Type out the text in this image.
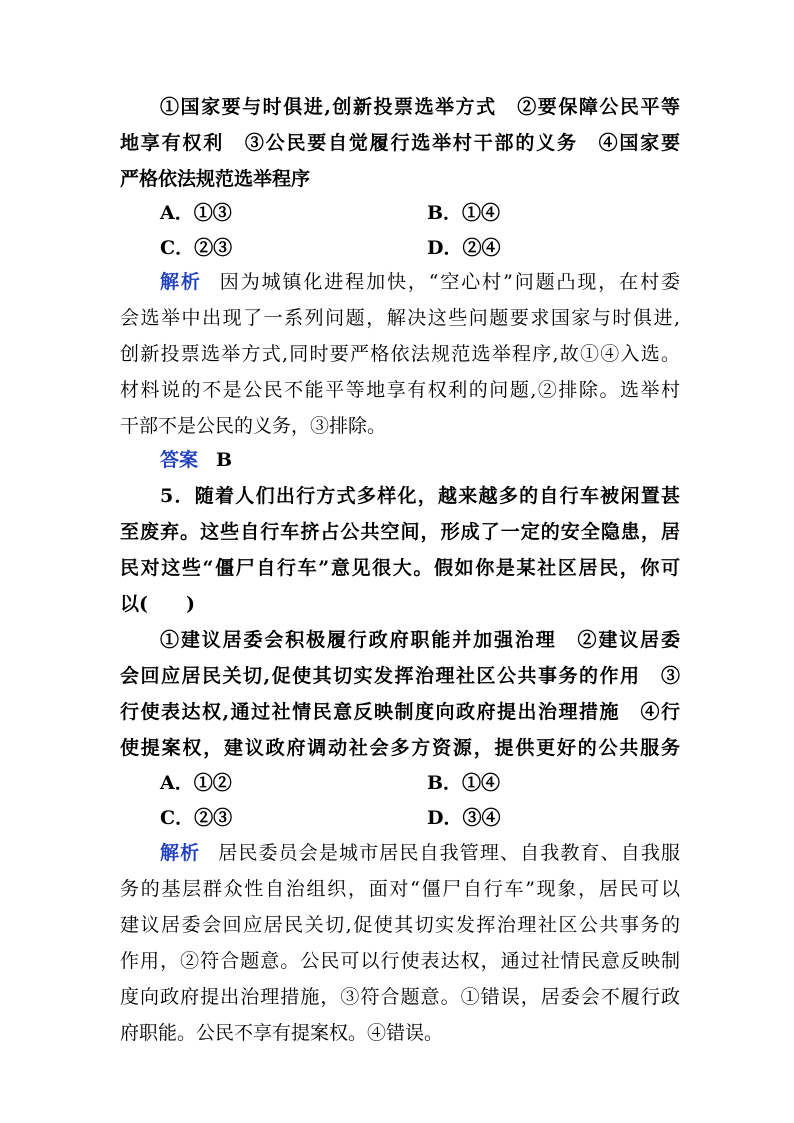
①国家要与时俱进,创新投票选举方式　②要保障公民平等
地享有权利　③公民要自觉履行选举村干部的义务　④国家要
严格依法规范选举程序
A．①③	B．①④
C．②③	D．②④
解析 因为城镇化进程加快，“空心村”问题凸现，在村委
会选举中出现了一系列问题，解决这些问题要求国家与时俱进,
创新投票选举方式,同时要严格依法规范选举程序,故①④入选。
材料说的不是公民不能平等地享有权利的问题,②排除。选举村
干部不是公民的义务，③排除。
答案 B
5．随着人们出行方式多样化，越来越多的自行车被闲置甚
至废弃。这些自行车挤占公共空间，形成了一定的安全隐患，居
民对这些“僵尸自行车”意见很大。假如你是某社区居民，你可
以(　　)
①建议居委会积极履行政府职能并加强治理　②建议居委
会回应居民关切,促使其切实发挥治理社区公共事务的作用　③
行使表达权,通过社情民意反映制度向政府提出治理措施　④行
使提案权，建议政府调动社会多方资源，提供更好的公共服务
A．①②	B．①④
C．②③	D．③④
解析 居民委员会是城市居民自我管理、自我教育、自我服
务的基层群众性自治组织，面对“僵尸自行车”现象，居民可以
建议居委会回应居民关切,促使其切实发挥治理社区公共事务的
作用，②符合题意。公民可以行使表达权，通过社情民意反映制
度向政府提出治理措施，③符合题意。①错误，居委会不履行政
府职能。公民不享有提案权。④错误。
